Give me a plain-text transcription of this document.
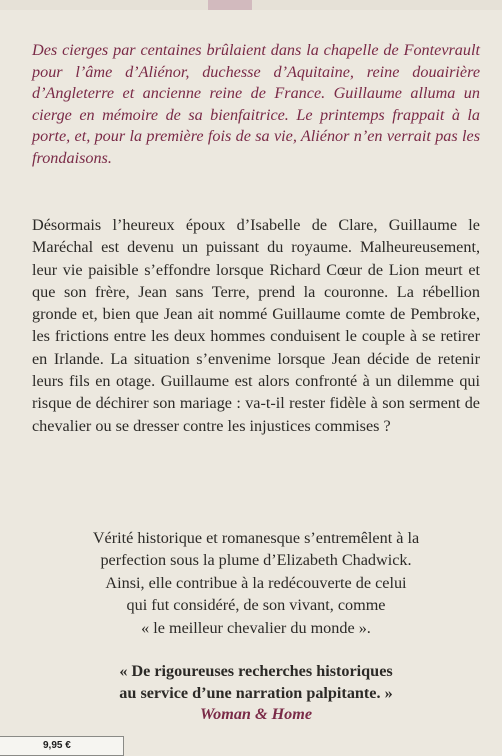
Des cierges par centaines brûlaient dans la chapelle de Fontevrault pour l’âme d’Aliénor, duchesse d’Aquitaine, reine douairière d’Angleterre et ancienne reine de France. Guillaume alluma un cierge en mémoire de sa bienfaitrice. Le printemps frappait à la porte, et, pour la première fois de sa vie, Aliénor n’en verrait pas les frondaisons.

Désormais l’heureux époux d’Isabelle de Clare, Guillaume le Maréchal est devenu un puissant du royaume. Malheureusement, leur vie paisible s’effondre lorsque Richard Cœur de Lion meurt et que son frère, Jean sans Terre, prend la couronne. La rébellion gronde et, bien que Jean ait nommé Guillaume comte de Pembroke, les frictions entre les deux hommes conduisent le couple à se retirer en Irlande. La situation s’envenime lorsque Jean décide de retenir leurs fils en otage. Guillaume est alors confronté à un dilemme qui risque de déchirer son mariage : va-t-il rester fidèle à son serment de chevalier ou se dresser contre les injustices commises ?

Vérité historique et romanesque s’entremêlent à la
perfection sous la plume d’Elizabeth Chadwick.
Ainsi, elle contribue à la redécouverte de celui
qui fut considéré, de son vivant, comme
« le meilleur chevalier du monde ».

« De rigoureuses recherches historiques
au service d’une narration palpitante. »

Woman & Home

9,95 €
